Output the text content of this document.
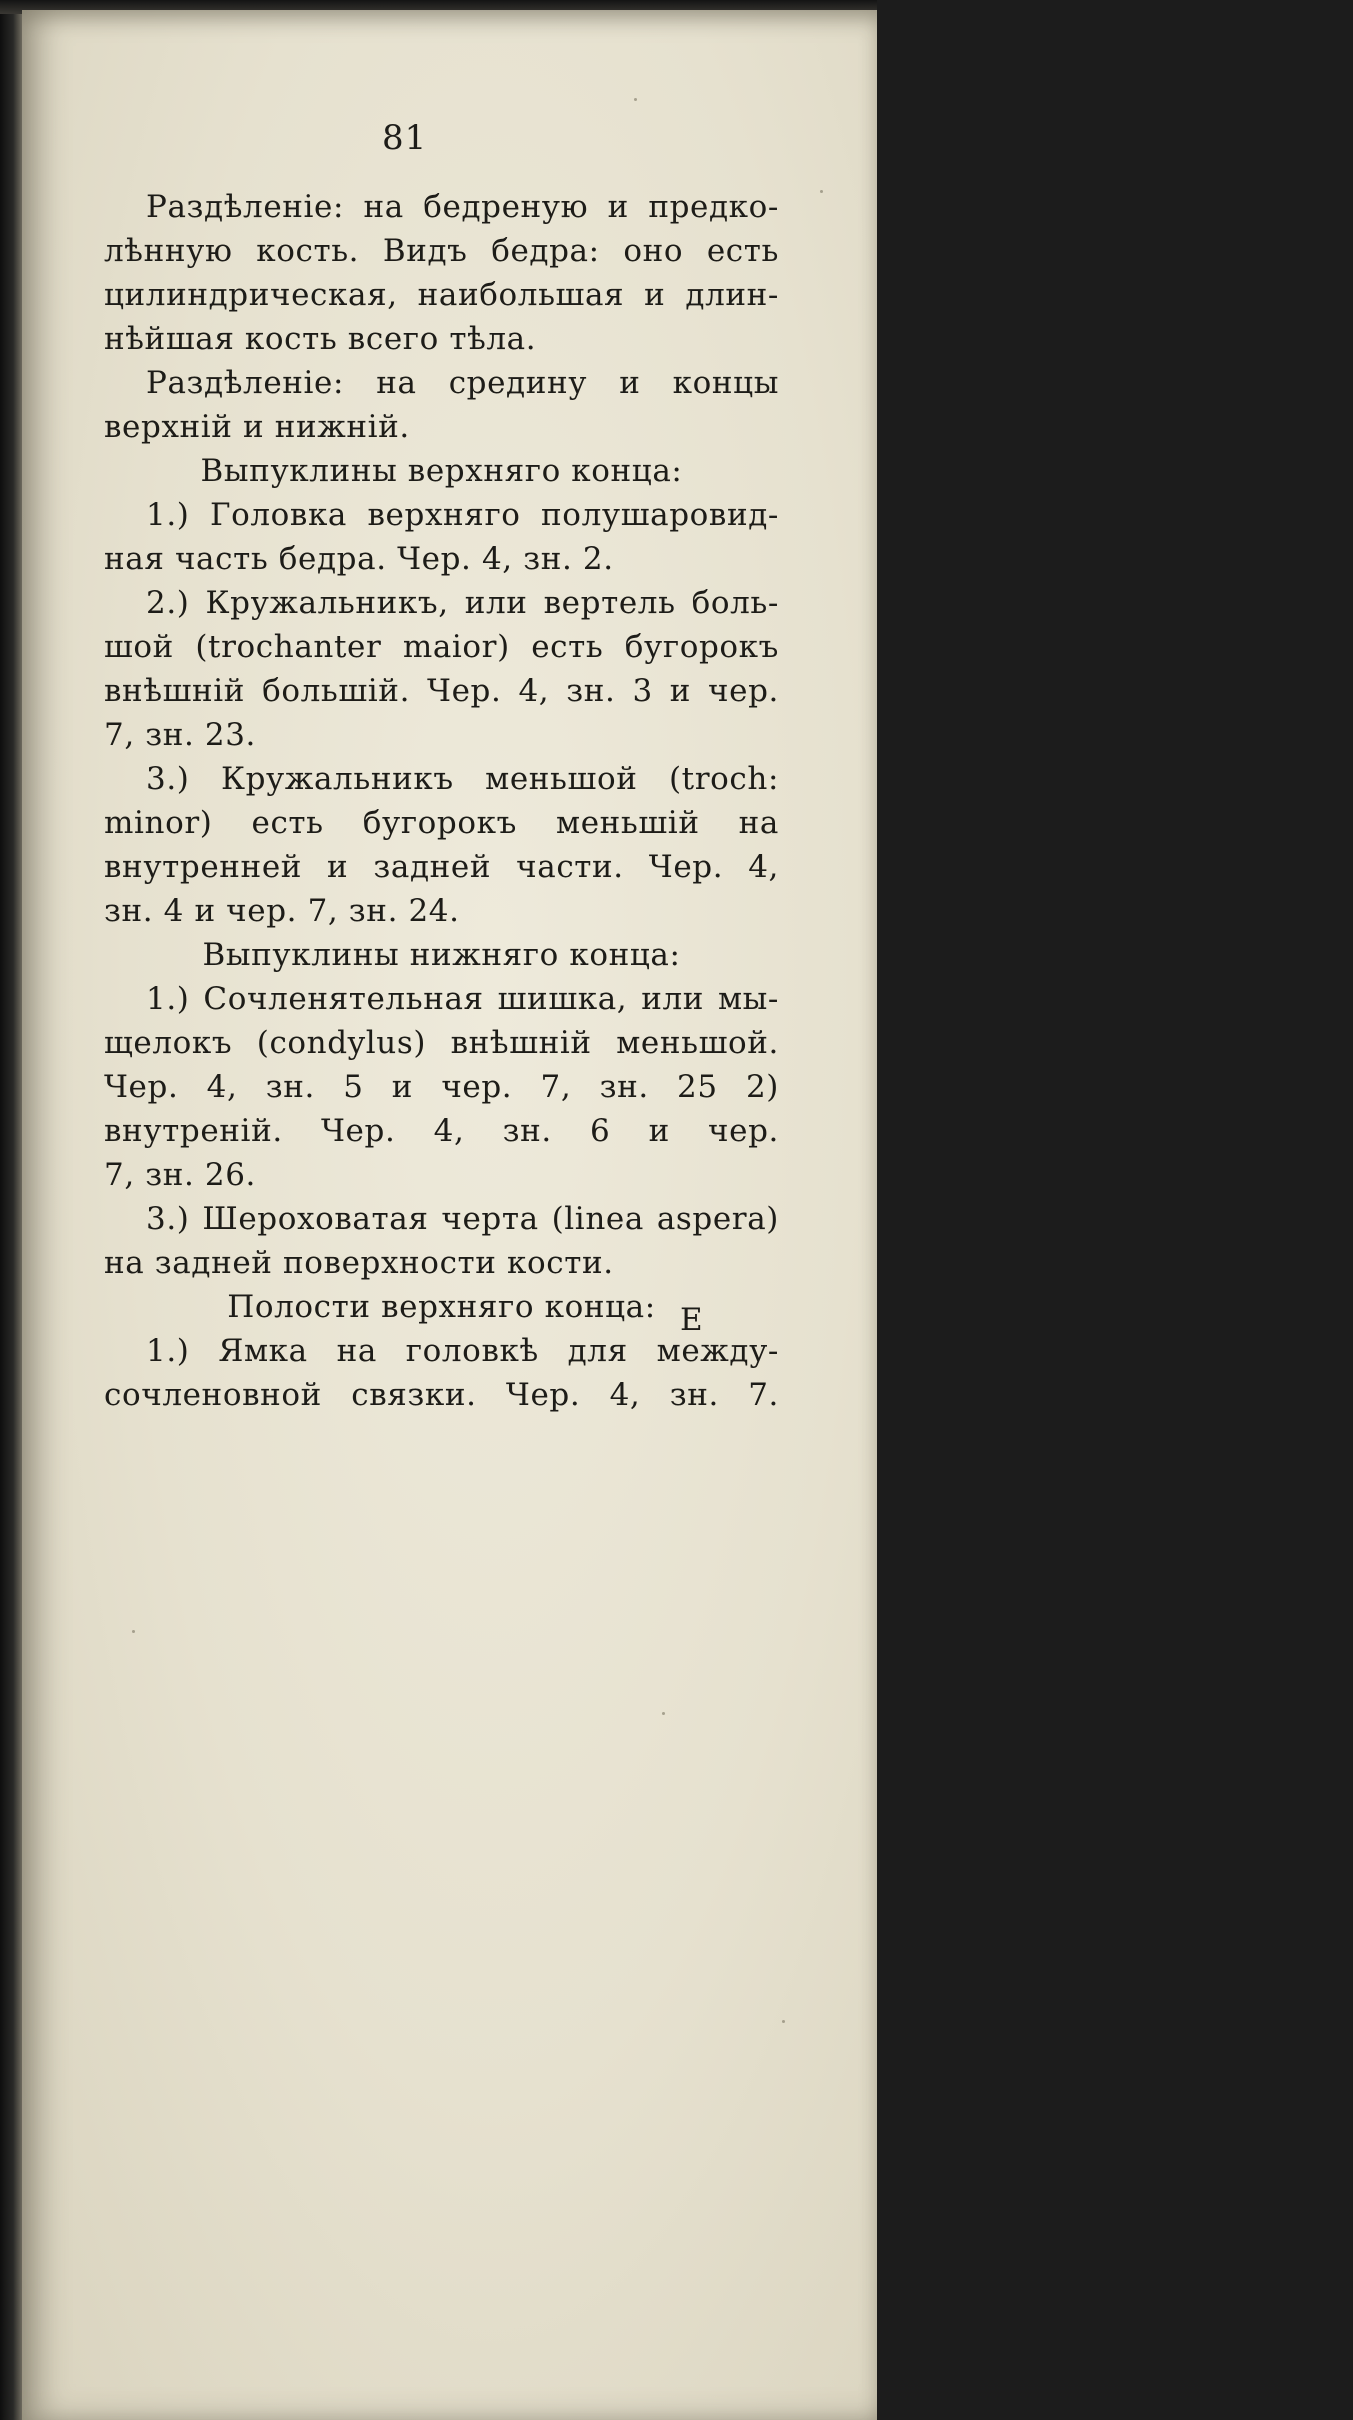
81
Раздѣленіе: на бедреную и предко-
лѣнную кость. Видъ бедра: оно есть
цилиндрическая, наибольшая и длин-
нѣйшая кость всего тѣла.
Раздѣленіе: на средину и концы
верхній и нижній.
Выпуклины верхняго конца:
1.) Головка верхняго полушаровид-
ная часть бедра. Чер. 4, зн. 2.
2.) Кружальникъ, или вертель боль-
шой (trochanter maior) есть бугорокъ
внѣшній большій. Чер. 4, зн. 3 и чер.
7, зн. 23.
3.) Кружальникъ меньшой (troch:
minor) есть бугорокъ меньшій на
внутренней и задней части. Чер. 4,
зн. 4 и чер. 7, зн. 24.
Выпуклины нижняго конца:
1.) Сочленятельная шишка, или мы-
щелокъ (condylus) внѣшній меньшой.
Чер. 4, зн. 5 и чер. 7, зн. 25 2)
внутреній. Чер. 4, зн. 6 и чер.
7, зн. 26.
3.) Шероховатая черта (linea aspera)
на задней поверхности кости.
Полости верхняго конца:
1.) Ямка на головкѣ для между-
сочленовной связки. Чер. 4, зн. 7.
E
